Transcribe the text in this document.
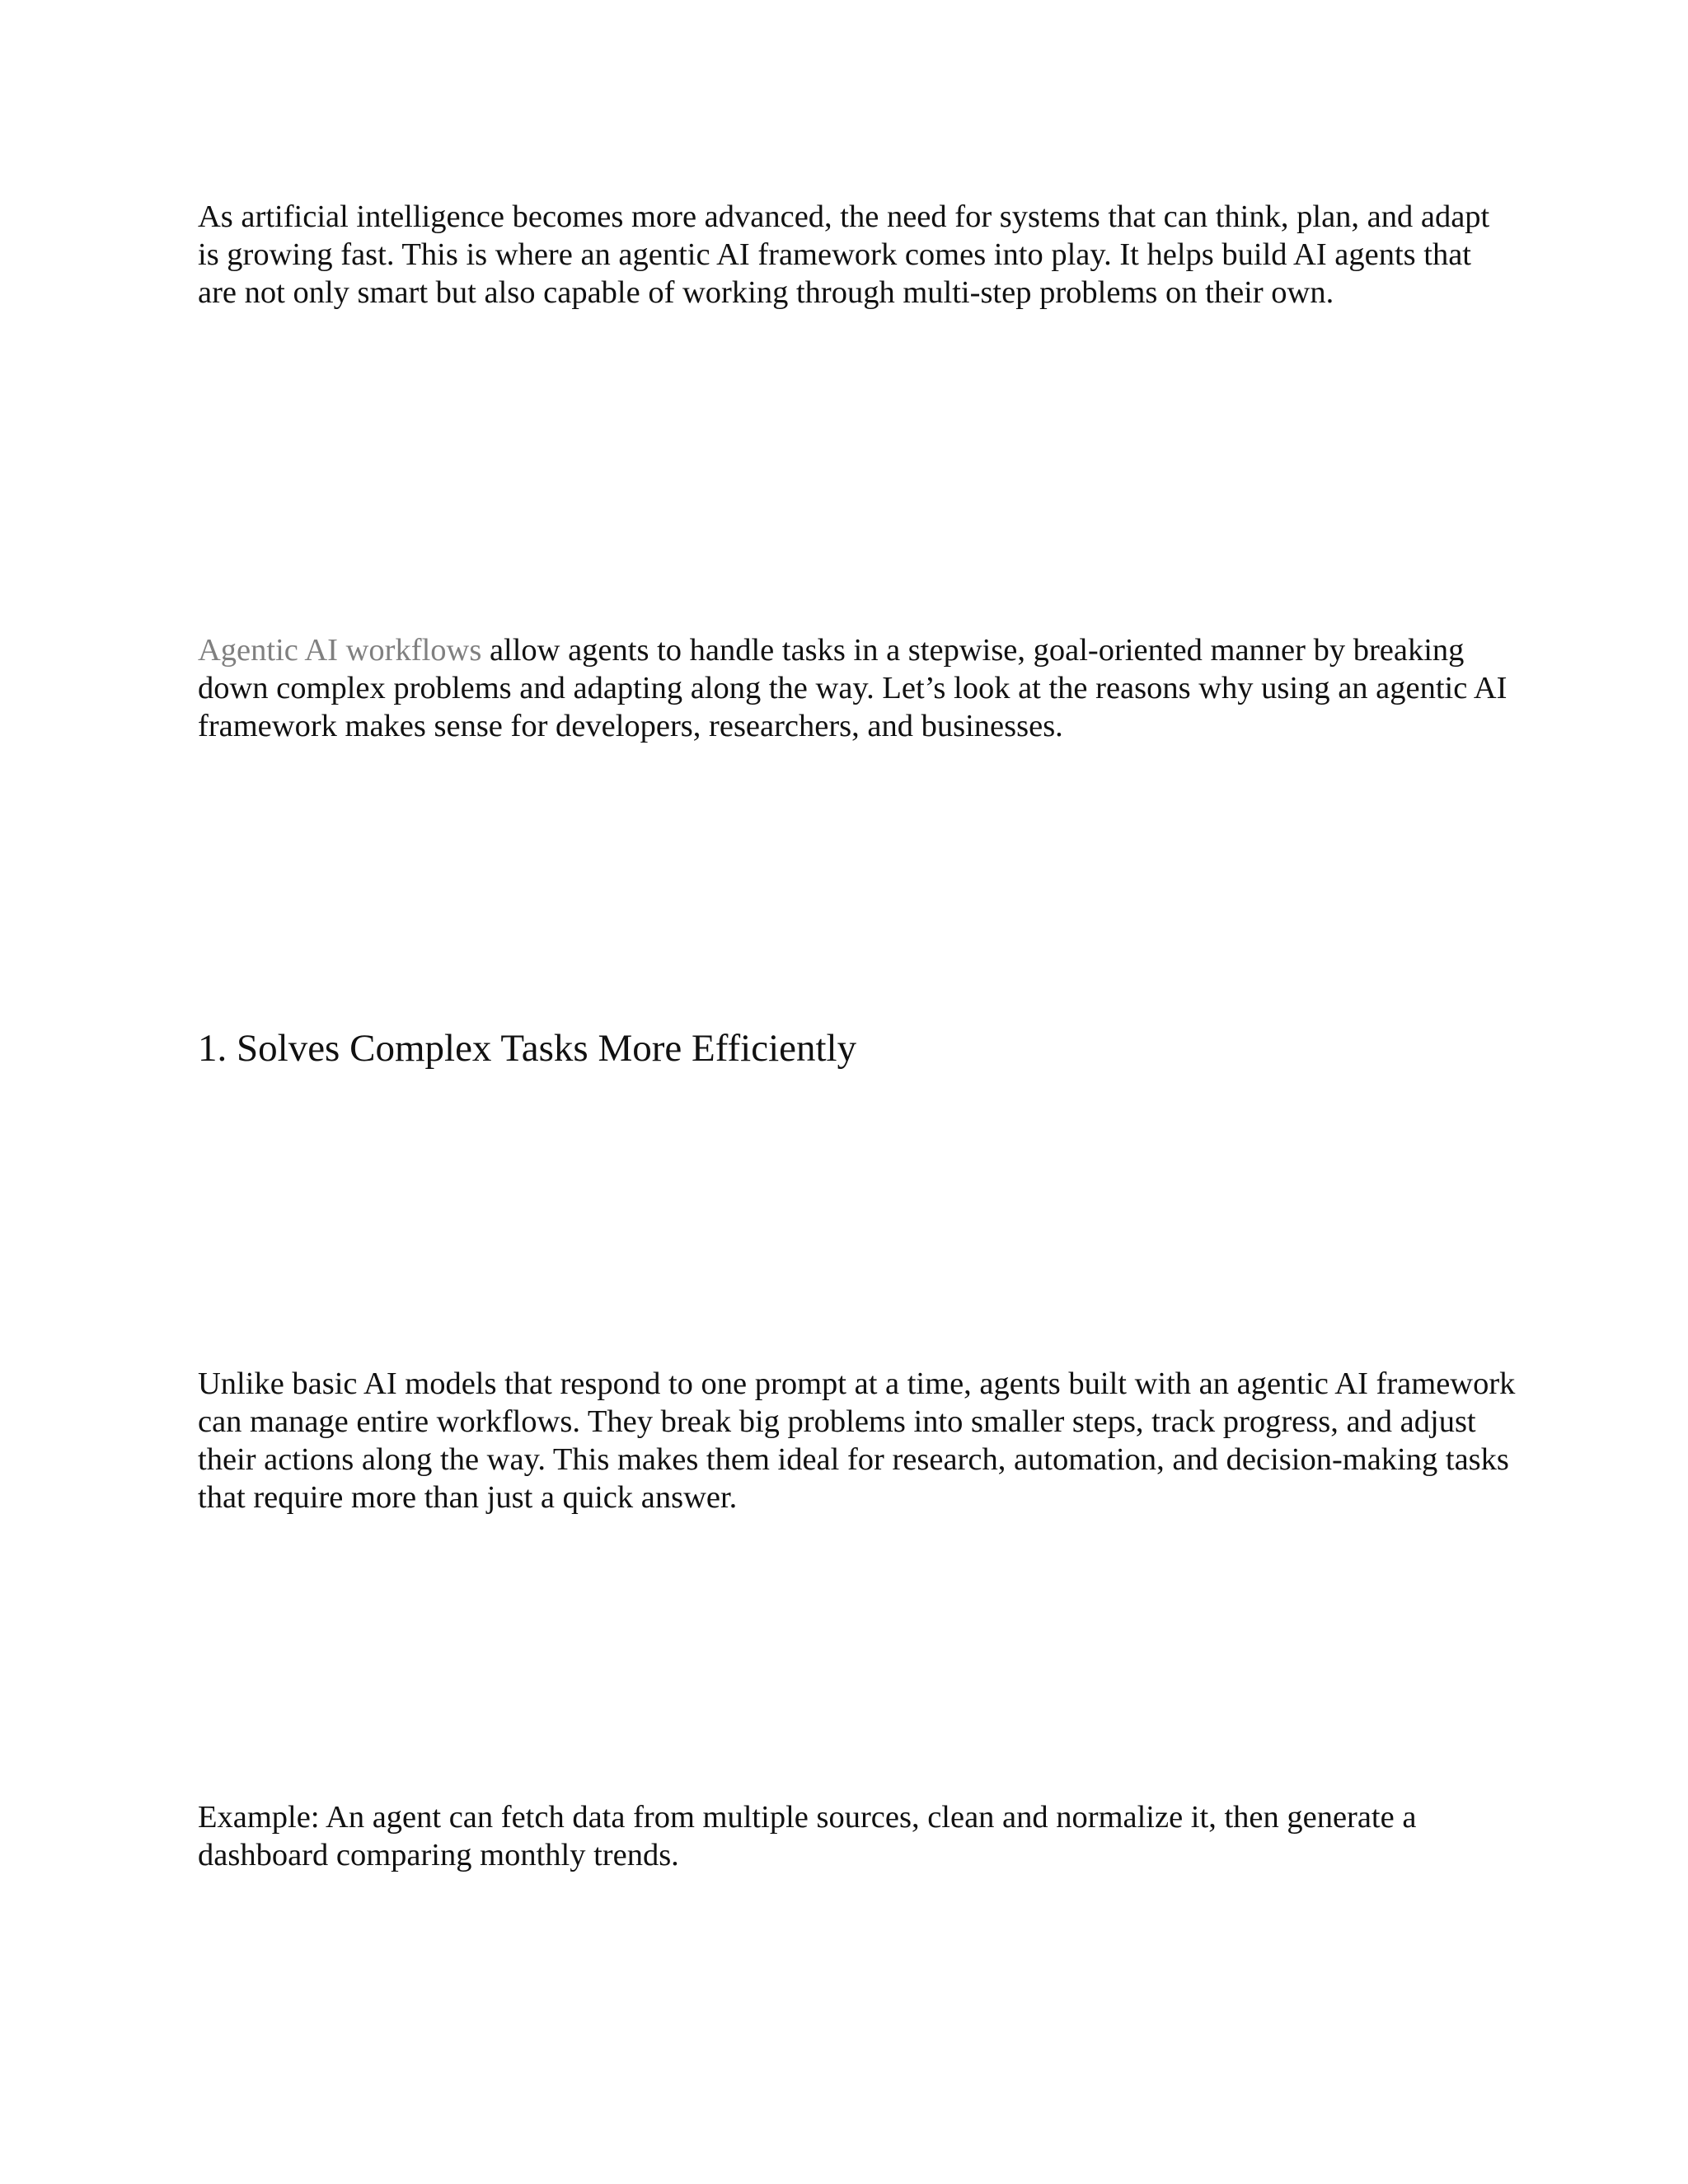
As artificial intelligence becomes more advanced, the need for systems that can think, plan, and adapt is growing fast. This is where an agentic AI framework comes into play. It helps build AI agents that are not only smart but also capable of working through multi-step problems on their own.

Agentic AI workflows allow agents to handle tasks in a stepwise, goal-oriented manner by breaking down complex problems and adapting along the way. Let’s look at the reasons why using an agentic AI framework makes sense for developers, researchers, and businesses.

1. Solves Complex Tasks More Efficiently

Unlike basic AI models that respond to one prompt at a time, agents built with an agentic AI framework can manage entire workflows. They break big problems into smaller steps, track progress, and adjust their actions along the way. This makes them ideal for research, automation, and decision-making tasks that require more than just a quick answer.

Example: An agent can fetch data from multiple sources, clean and normalize it, then generate a dashboard comparing monthly trends.
